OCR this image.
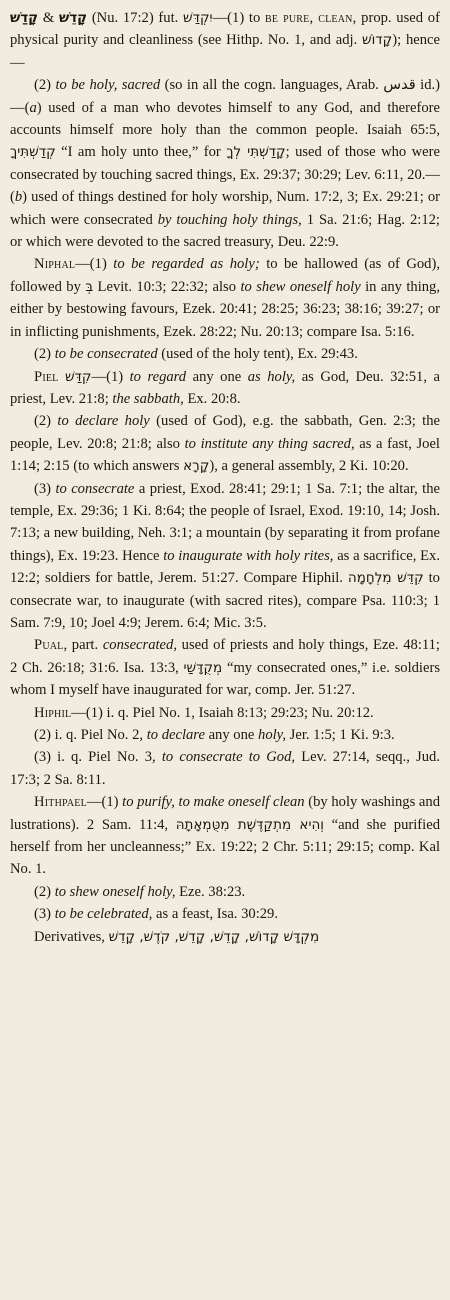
קָדַשׁ & קָדֵשׁ (Nu. 17:2) fut. יִקְדַּשׁ—(1) to be pure, clean, prop. used of physical purity and cleanliness (see Hithp. No. 1, and adj. קָדוֹשׁ); hence—

(2) to be holy, sacred (so in all the cogn. languages, Arab. قدس id.)—(a) used of a man who devotes himself to any God, and therefore accounts himself more holy than the common people. Isaiah 65:5, קְדַשְׁתִּיךָ “I am holy unto thee,” for קָדַשְׁתִּי לְךָ; used of those who were consecrated by touching sacred things, Ex. 29:37; 30:29; Lev. 6:11, 20.—(b) used of things destined for holy worship, Num. 17:2, 3; Ex. 29:21; or which were consecrated by touching holy things, 1 Sa. 21:6; Hag. 2:12; or which were devoted to the sacred treasury, Deu. 22:9.

Niphal—(1) to be regarded as holy; to be hallowed (as of God), followed by בְּ Levit. 10:3; 22:32; also to shew oneself holy in any thing, either by bestowing favours, Ezek. 20:41; 28:25; 36:23; 38:16; 39:27; or in inflicting punishments, Ezek. 28:22; Nu. 20:13; compare Isa. 5:16.

(2) to be consecrated (used of the holy tent), Ex. 29:43.

Piel קִדַּשׁ—(1) to regard any one as holy, as God, Deu. 32:51, a priest, Lev. 21:8; the sabbath, Ex. 20:8.

(2) to declare holy (used of God), e.g. the sabbath, Gen. 2:3; the people, Lev. 20:8; 21:8; also to institute any thing sacred, as a fast, Joel 1:14; 2:15 (to which answers קָרָא), a general assembly, 2 Ki. 10:20.

(3) to consecrate a priest, Exod. 28:41; 29:1; 1 Sa. 7:1; the altar, the temple, Ex. 29:36; 1 Ki. 8:64; the people of Israel, Exod. 19:10, 14; Josh. 7:13; a new building, Neh. 3:1; a mountain (by separating it from profane things), Ex. 19:23. Hence to inaugurate with holy rites, as a sacrifice, Ex. 12:2; soldiers for battle, Jerem. 51:27. Compare Hiphil. קִדֵּשׁ מִלְחָמָה to consecrate war, to inaugurate (with sacred rites), compare Psa. 110:3; 1 Sam. 7:9, 10; Joel 4:9; Jerem. 6:4; Mic. 3:5.

Pual, part. consecrated, used of priests and holy things, Eze. 48:11; 2 Ch. 26:18; 31:6. Isa. 13:3, מְקֻדָּשַׁי “my consecrated ones,” i.e. soldiers whom I myself have inaugurated for war, comp. Jer. 51:27.

Hiphil—(1) i. q. Piel No. 1, Isaiah 8:13; 29:23; Nu. 20:12.

(2) i. q. Piel No. 2, to declare any one holy, Jer. 1:5; 1 Ki. 9:3.

(3) i. q. Piel No. 3, to consecrate to God, Lev. 27:14, seqq., Jud. 17:3; 2 Sa. 8:11.

Hithpael—(1) to purify, to make oneself clean (by holy washings and lustrations). 2 Sam. 11:4, וְהִיא מִתְקַדֶּשֶׁת מִטֻּמְאָתָהּ “and she purified herself from her uncleanness;” Ex. 19:22; 2 Chr. 5:11; 29:15; comp. Kal No. 1.

(2) to shew oneself holy, Eze. 38:23.

(3) to be celebrated, as a feast, Isa. 30:29.

Derivatives, מִקְדָּשׁ קָדוֹשׁ, קָדֵשׁ, קָדֵשׁ, קֹדֶשׁ, קָדֵשׁ
